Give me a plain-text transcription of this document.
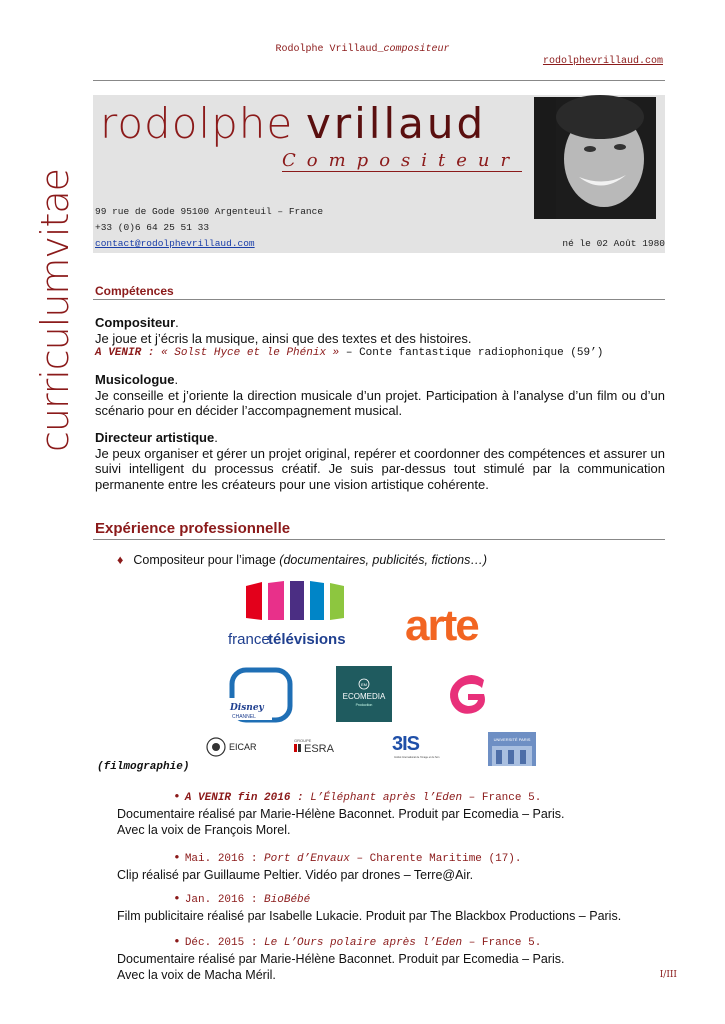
Rodolphe Vrillaud_compositeur
rodolphevrillaud.com
curriculumvitae
rodolphe vrillaud
Compositeur
99 rue de Gode 95100 Argenteuil – France
+33 (0)6 64 25 51 33
contact@rodolphevrillaud.com	né le 02 Août 1980
Compétences
Compositeur.
Je joue et j’écris la musique, ainsi que des textes et des histoires.
A VENIR : « Solst Hyce et le Phénix » – Conte fantastique radiophonique (59’)
Musicologue.
Je conseille et j’oriente la direction musicale d’un projet. Participation à l’analyse d’un film ou d’un scénario pour en décider l’accompagnement musical.
Directeur artistique.
Je peux organiser et gérer un projet original, repérer et coordonner des compétences et assurer un suivi intelligent du processus créatif. Je suis par-dessus tout stimulé par la communication permanente entre les créateurs pour une vision artistique cohérente.
Expérience professionnelle
♦ Compositeur pour l’image (documentaires, publicités, fictions…)
france
télévisions arte
Disney
CHANNEL
EM
ECOMEDIA
Production
EICAR
GROUPE
ESRA	3IS
Institut International de l’Image et du Son
UNIVERSITÉ PARIS
(filmographie)
• A VENIR fin 2016 : L’Éléphant après l’Eden – France 5.
Documentaire réalisé par Marie-Hélène Baconnet. Produit par Ecomedia – Paris.
Avec la voix de François Morel.
• Mai. 2016 : Port d’Envaux – Charente Maritime (17).
Clip réalisé par Guillaume Peltier. Vidéo par drones – Terre@Air.
• Jan. 2016 : BioBébé
Film publicitaire réalisé par Isabelle Lukacie. Produit par The Blackbox Productions – Paris.
• Déc. 2015 : Le L’Ours polaire après l’Eden – France 5.
Documentaire réalisé par Marie-Hélène Baconnet. Produit par Ecomedia – Paris.
Avec la voix de Macha Méril.	I/III
